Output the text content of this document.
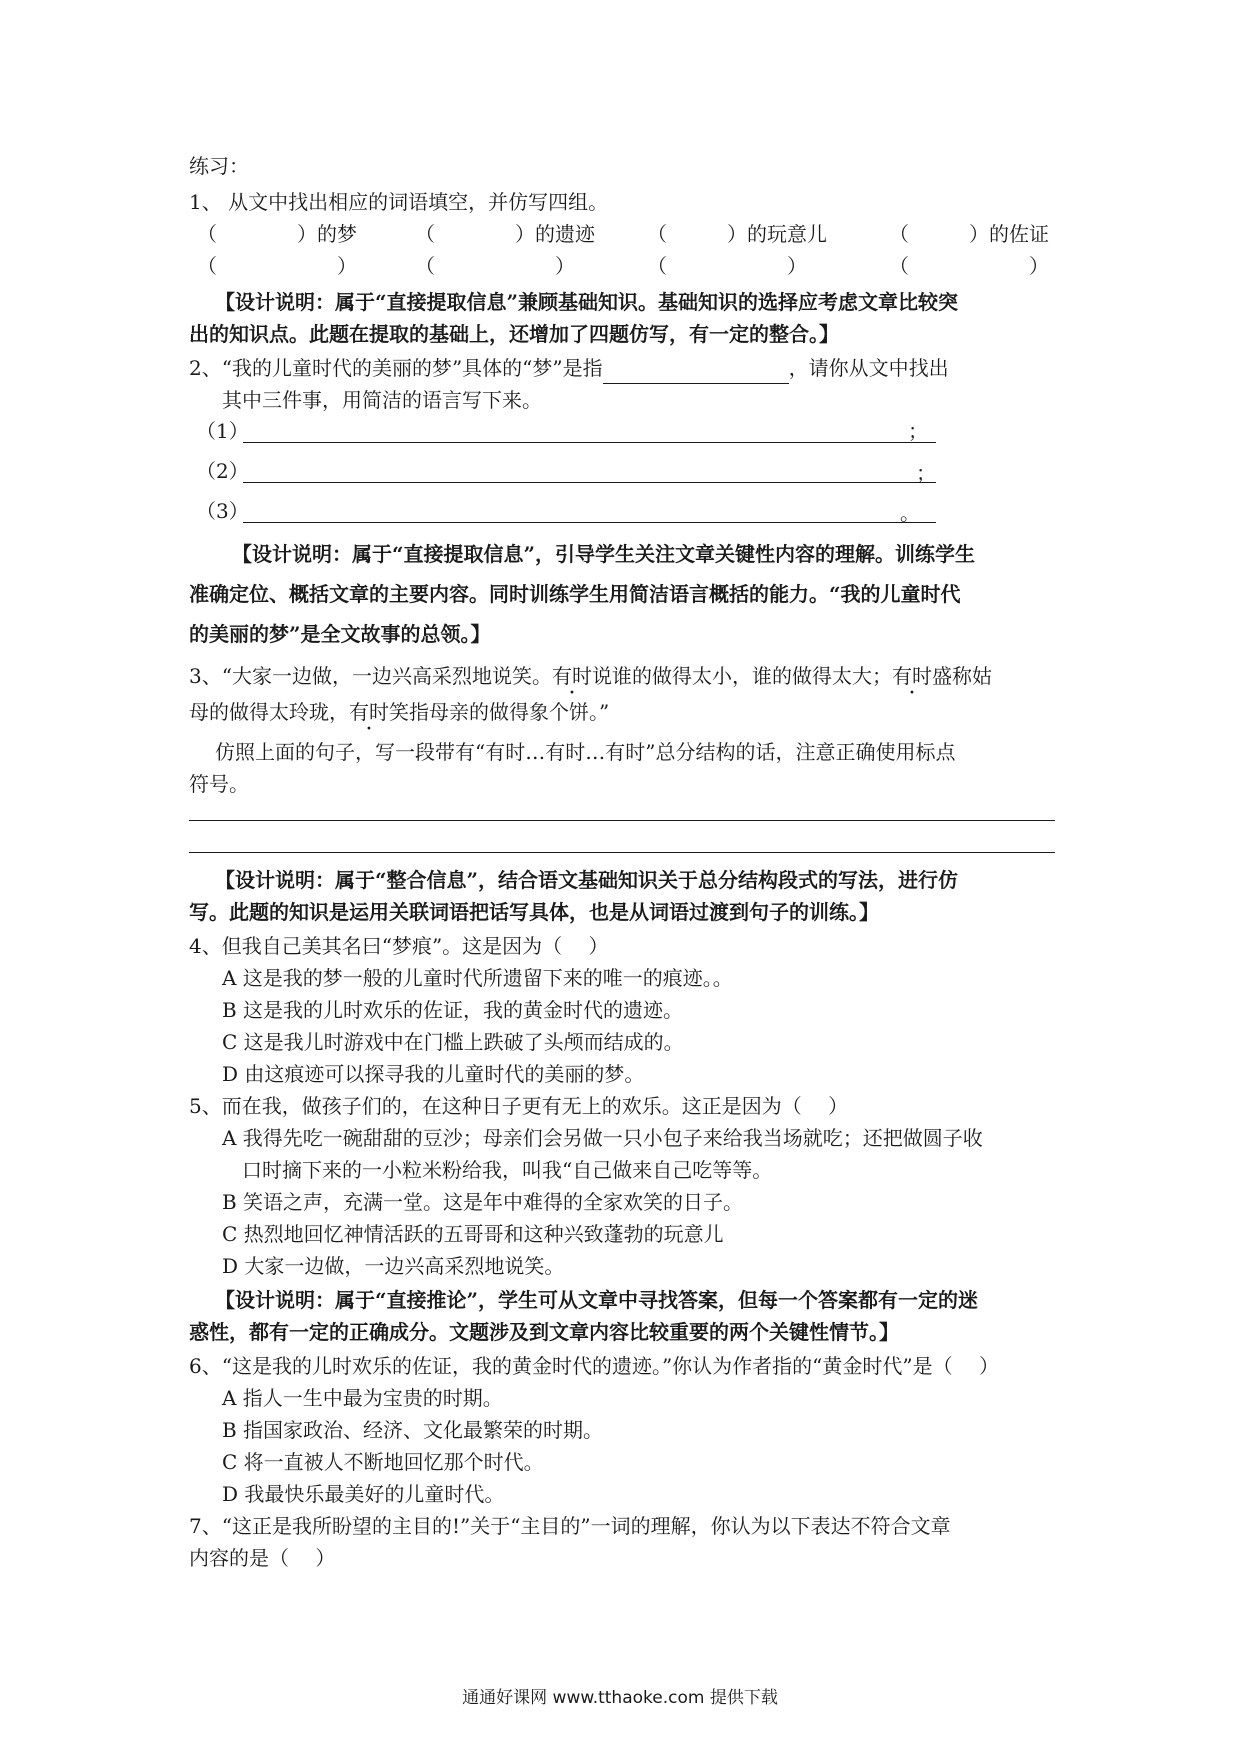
练习：
1、 从文中找出相应的词语填空，并仿写四组。
（　　　　）的梦	（　　　　）的遗迹	（　　　）的玩意儿	（　　　）的佐证
（　　　　　　）	（　　　　　　）	（　　　　　　）	（　　　　　　）
【设计说明：属于“直接提取信息”兼顾基础知识。基础知识的选择应考虑文章比较突
出的知识点。此题在提取的基础上，还增加了四题仿写，有一定的整合。】
2、“我的儿童时代的美丽的梦”具体的“梦”是指	，请你从文中找出
其中三件事，用简洁的语言写下来。
（1）	；
（2）	；
（3）	。
【设计说明：属于“直接提取信息”，引导学生关注文章关键性内容的理解。训练学生
准确定位、概括文章的主要内容。同时训练学生用简洁语言概括的能力。“我的儿童时代
的美丽的梦”是全文故事的总领。】
3、“大家一边做，一边兴高采烈地说笑。有时说谁的做得太小，谁的做得太大；有时盛称姑
母的做得太玲珑，有时笑指母亲的做得象个饼。”
仿照上面的句子，写一段带有“有时…有时…有时”总分结构的话，注意正确使用标点
符号。
【设计说明：属于“整合信息”，结合语文基础知识关于总分结构段式的写法，进行仿
写。此题的知识是运用关联词语把话写具体，也是从词语过渡到句子的训练。】
4、但我自己美其名曰“梦痕”。这是因为（　 ）
A 这是我的梦一般的儿童时代所遗留下来的唯一的痕迹。。
B 这是我的儿时欢乐的佐证，我的黄金时代的遗迹。
C 这是我儿时游戏中在门槛上跌破了头颅而结成的。
D 由这痕迹可以探寻我的儿童时代的美丽的梦。
5、而在我，做孩子们的，在这种日子更有无上的欢乐。这正是因为（　 ）
A 我得先吃一碗甜甜的豆沙；母亲们会另做一只小包子来给我当场就吃；还把做圆子收
　口时摘下来的一小粒米粉给我，叫我“自己做来自己吃等等。
B 笑语之声，充满一堂。这是年中难得的全家欢笑的日子。
C 热烈地回忆神情活跃的五哥哥和这种兴致蓬勃的玩意儿
D 大家一边做，一边兴高采烈地说笑。
【设计说明：属于“直接推论”，学生可从文章中寻找答案，但每一个答案都有一定的迷
惑性，都有一定的正确成分。文题涉及到文章内容比较重要的两个关键性情节。】
6、“这是我的儿时欢乐的佐证，我的黄金时代的遗迹。”你认为作者指的“黄金时代”是（　 ）
A 指人一生中最为宝贵的时期。
B 指国家政治、经济、文化最繁荣的时期。
C 将一直被人不断地回忆那个时代。
D 我最快乐最美好的儿童时代。
7、“这正是我所盼望的主目的!”关于“主目的”一词的理解，你认为以下表达不符合文章
内容的是（　 ）
通通好课网 www.tthaoke.com 提供下载
